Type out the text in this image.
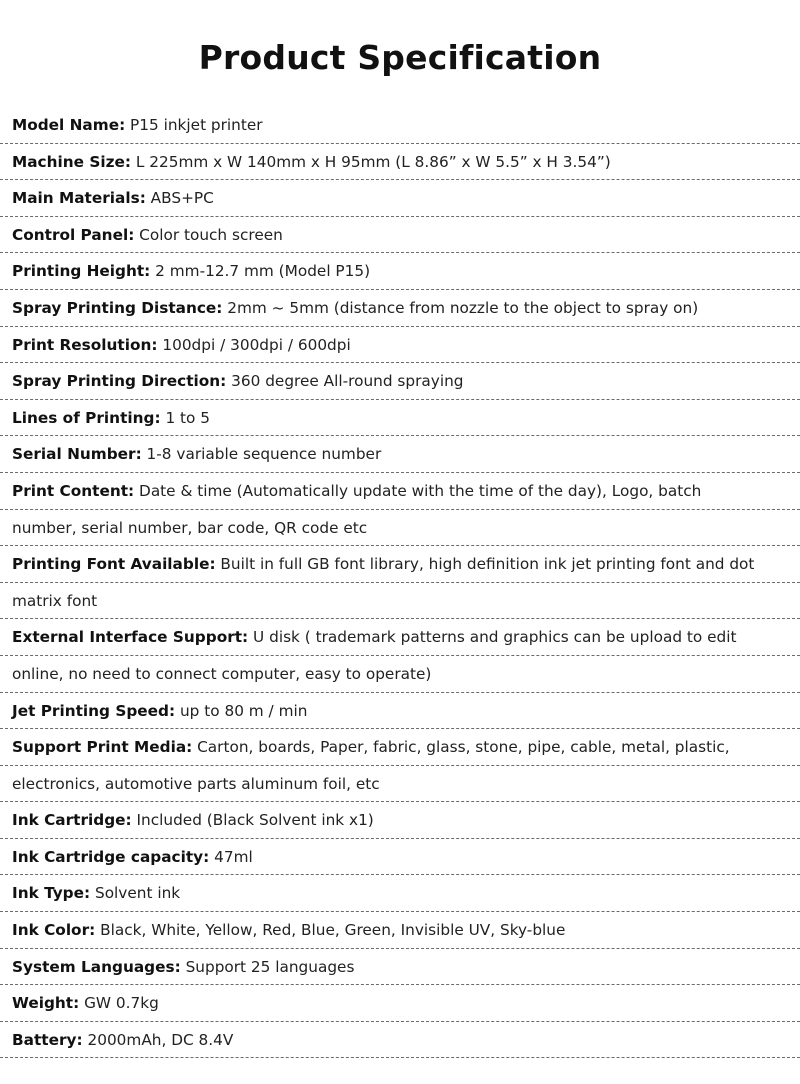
Product Specification
Model Name: P15 inkjet printer
Machine Size: L 225mm x W 140mm x H 95mm (L 8.86” x W 5.5” x H 3.54”)
Main Materials: ABS+PC
Control Panel: Color touch screen
Printing Height: 2 mm-12.7 mm (Model P15)
Spray Printing Distance: 2mm ~ 5mm (distance from nozzle to the object to spray on)
Print Resolution: 100dpi / 300dpi / 600dpi
Spray Printing Direction: 360 degree All-round spraying
Lines of Printing: 1 to 5
Serial Number: 1-8 variable sequence number
Print Content: Date & time (Automatically update with the time of the day), Logo, batch
number, serial number, bar code, QR code etc
Printing Font Available: Built in full GB font library, high definition ink jet printing font and dot
matrix font
External Interface Support: U disk ( trademark patterns and graphics can be upload to edit
online, no need to connect computer, easy to operate)
Jet Printing Speed: up to 80 m / min
Support Print Media: Carton, boards, Paper, fabric, glass, stone, pipe, cable, metal, plastic,
electronics, automotive parts aluminum foil, etc
Ink Cartridge: Included (Black Solvent ink x1)
Ink Cartridge capacity: 47ml
Ink Type: Solvent ink
Ink Color: Black, White, Yellow, Red, Blue, Green, Invisible UV, Sky-blue
System Languages: Support 25 languages
Weight: GW 0.7kg
Battery: 2000mAh, DC 8.4V
